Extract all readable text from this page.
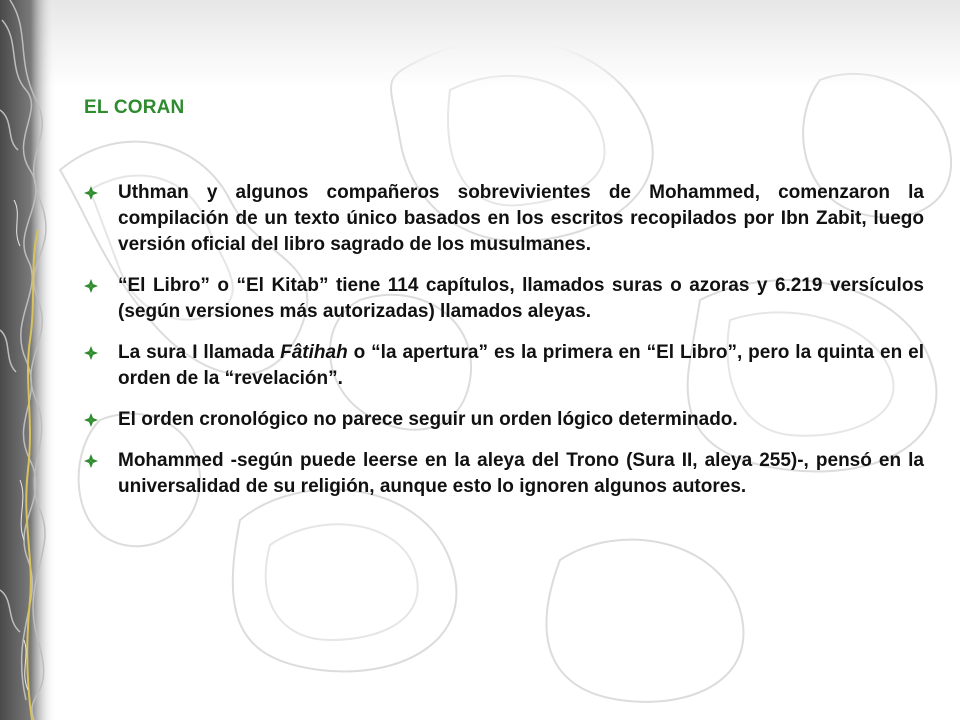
EL CORAN
Uthman y algunos compañeros sobrevivientes de Mohammed, comenzaron la compilación de un texto único basados en los escritos recopilados por Ibn Zabit, luego versión oficial del libro sagrado de los musulmanes.
“El Libro” o “El Kitab” tiene 114 capítulos, llamados suras o azoras y 6.219 versículos (según versiones más autorizadas) llamados aleyas.
La sura I llamada Fâtihah o “la apertura” es la primera en “El Libro”, pero la quinta en el orden de la “revelación”.
El orden cronológico no parece seguir un orden lógico determinado.
Mohammed -según puede leerse en la aleya del Trono (Sura II, aleya 255)-, pensó en la universalidad de su religión, aunque esto lo ignoren algunos autores.
